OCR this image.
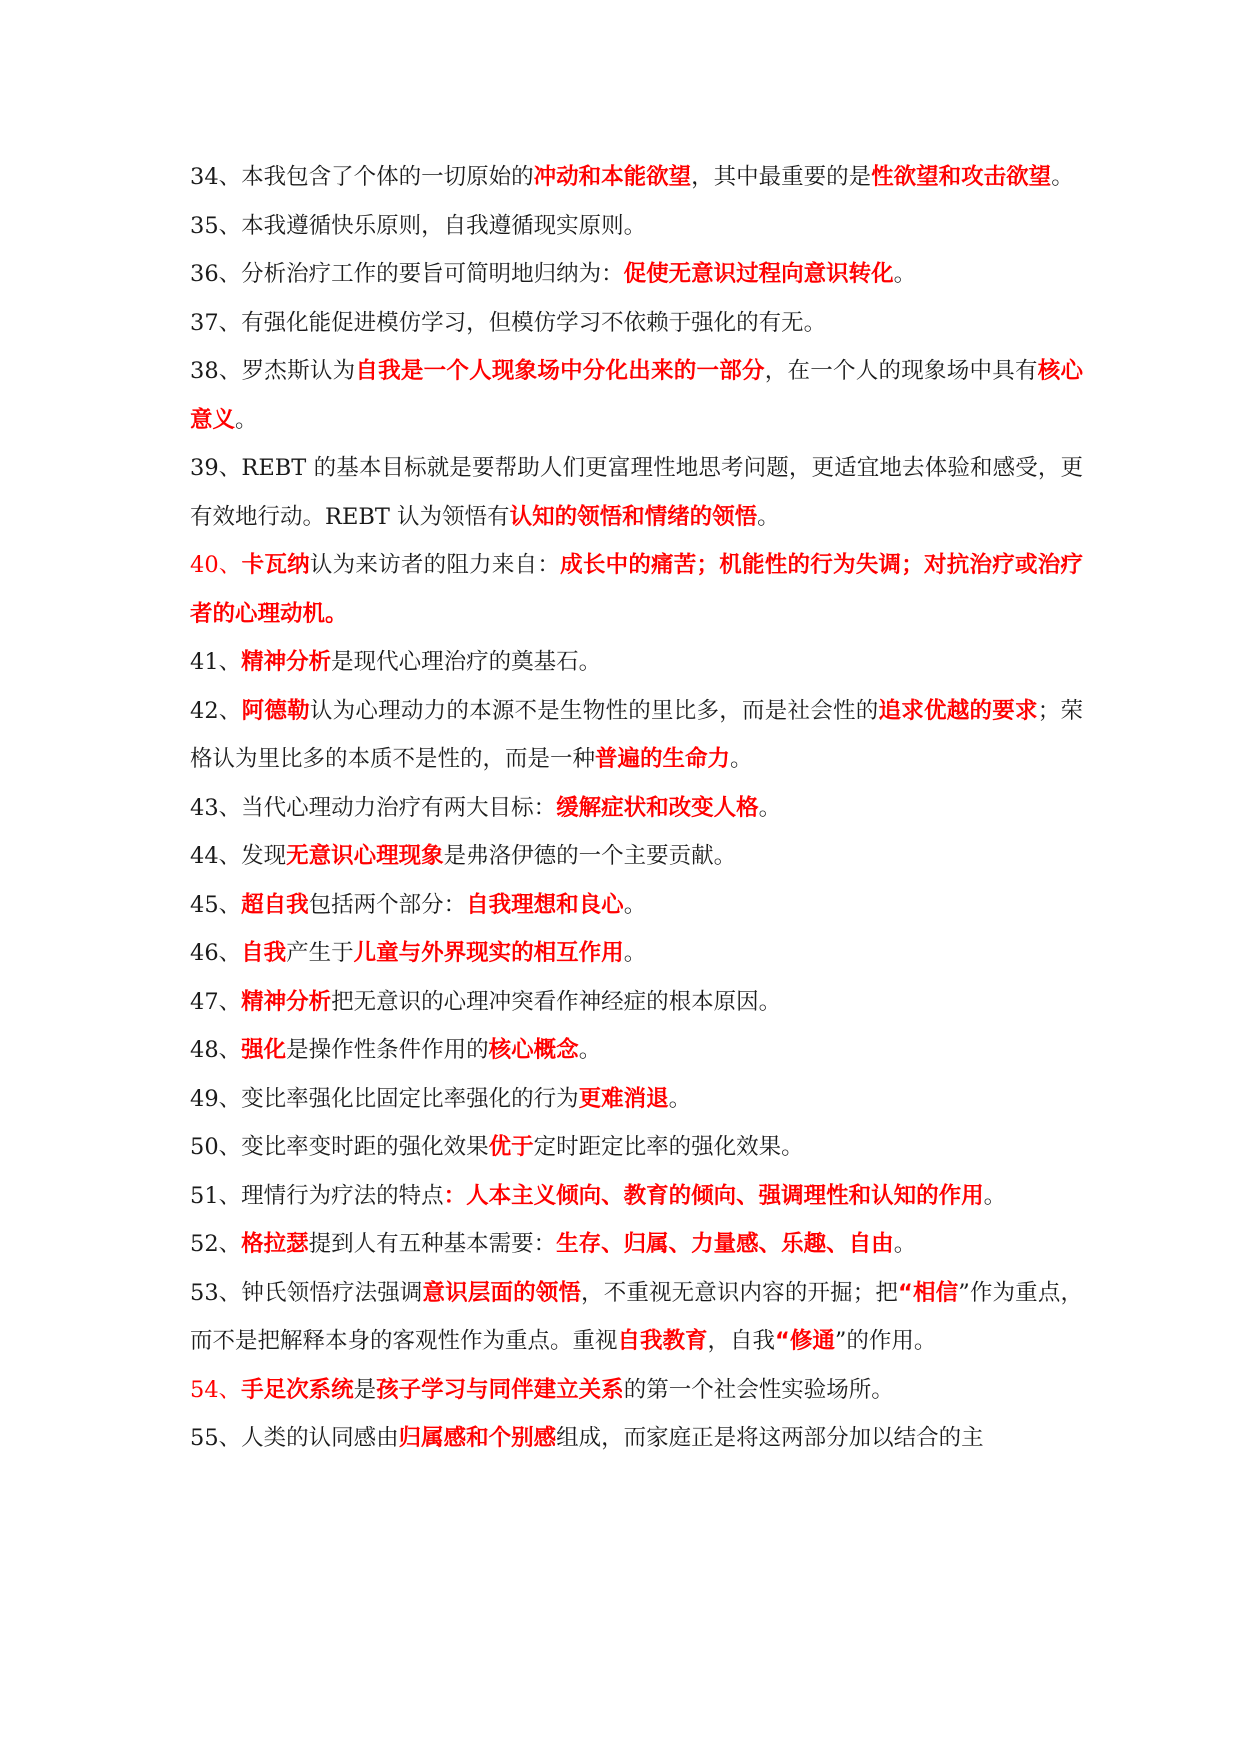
34、本我包含了个体的一切原始的冲动和本能欲望，其中最重要的是性欲望和攻击欲望。

35、本我遵循快乐原则，自我遵循现实原则。

36、分析治疗工作的要旨可简明地归纳为：促使无意识过程向意识转化。

37、有强化能促进模仿学习，但模仿学习不依赖于强化的有无。

38、罗杰斯认为自我是一个人现象场中分化出来的一部分，在一个人的现象场中具有核心意义。

39、REBT 的基本目标就是要帮助人们更富理性地思考问题，更适宜地去体验和感受，更有效地行动。REBT 认为领悟有认知的领悟和情绪的领悟。

40、卡瓦纳认为来访者的阻力来自：成长中的痛苦；机能性的行为失调；对抗治疗或治疗者的心理动机。

41、精神分析是现代心理治疗的奠基石。

42、阿德勒认为心理动力的本源不是生物性的里比多，而是社会性的追求优越的要求；荣格认为里比多的本质不是性的，而是一种普遍的生命力。

43、当代心理动力治疗有两大目标：缓解症状和改变人格。

44、发现无意识心理现象是弗洛伊德的一个主要贡献。

45、超自我包括两个部分：自我理想和良心。

46、自我产生于儿童与外界现实的相互作用。

47、精神分析把无意识的心理冲突看作神经症的根本原因。

48、强化是操作性条件作用的核心概念。

49、变比率强化比固定比率强化的行为更难消退。

50、变比率变时距的强化效果优于定时距定比率的强化效果。

51、理情行为疗法的特点：人本主义倾向、教育的倾向、强调理性和认知的作用。

52、格拉瑟提到人有五种基本需要：生存、归属、力量感、乐趣、自由。

53、钟氏领悟疗法强调意识层面的领悟，不重视无意识内容的开掘；把“相信”作为重点，而不是把解释本身的客观性作为重点。重视自我教育，自我“修通”的作用。

54、手足次系统是孩子学习与同伴建立关系的第一个社会性实验场所。

55、人类的认同感由归属感和个别感组成，而家庭正是将这两部分加以结合的主
